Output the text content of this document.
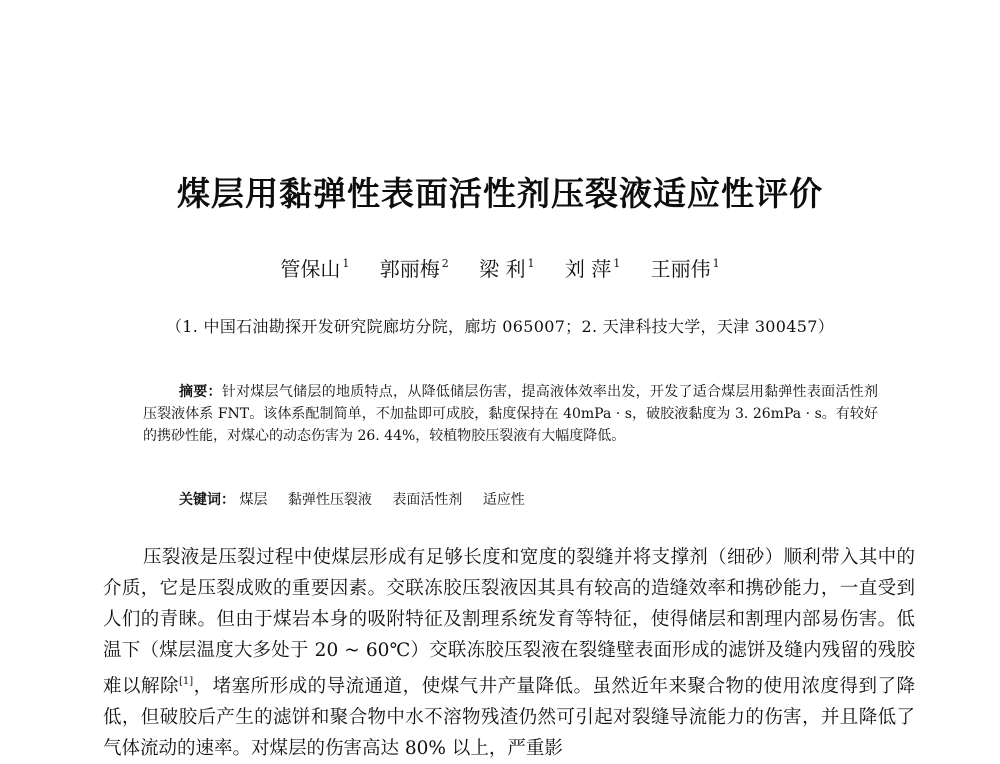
煤层用黏弹性表面活性剂压裂液适应性评价
管保山 $^1$ 郭丽梅 $^2$ 梁 利 $^1$ 刘 萍 $^1$ 王丽伟 $^1$
（1. 中国石油勘探开发研究院廊坊分院，廊坊 065007；2. 天津科技大学，天津 300457）
摘要：针对煤层气储层的地质特点，从降低储层伤害，提高液体效率出发，开发了适合煤层用黏弹性表面活性剂压裂液体系 FNT。该体系配制简单，不加盐即可成胶，黏度保持在 40mPa · s，破胶液黏度为 3. 26mPa · s。有较好的携砂性能，对煤心的动态伤害为 26. 44%，较植物胶压裂液有大幅度降低。
关键词： 煤层 黏弹性压裂液 表面活性剂 适应性
压裂液是压裂过程中使煤层形成有足够长度和宽度的裂缝并将支撑剂（细砂）顺利带入其中的介质，它是压裂成败的重要因素。交联冻胶压裂液因其具有较高的造缝效率和携砂能力，一直受到人们的青睐。但由于煤岩本身的吸附特征及割理系统发育等特征，使得储层和割理内部易伤害。低温下（煤层温度大多处于 20 ~ 60℃）交联冻胶压裂液在裂缝壁表面形成的滤饼及缝内残留的残胶难以解除[1]，堵塞所形成的导流通道，使煤气井产量降低。虽然近年来聚合物的使用浓度得到了降低，但破胶后产生的滤饼和聚合物中水不溶物残渣仍然可引起对裂缝导流能力的伤害，并且降低了气体流动的速率。对煤层的伤害高达 80% 以上，严重影
